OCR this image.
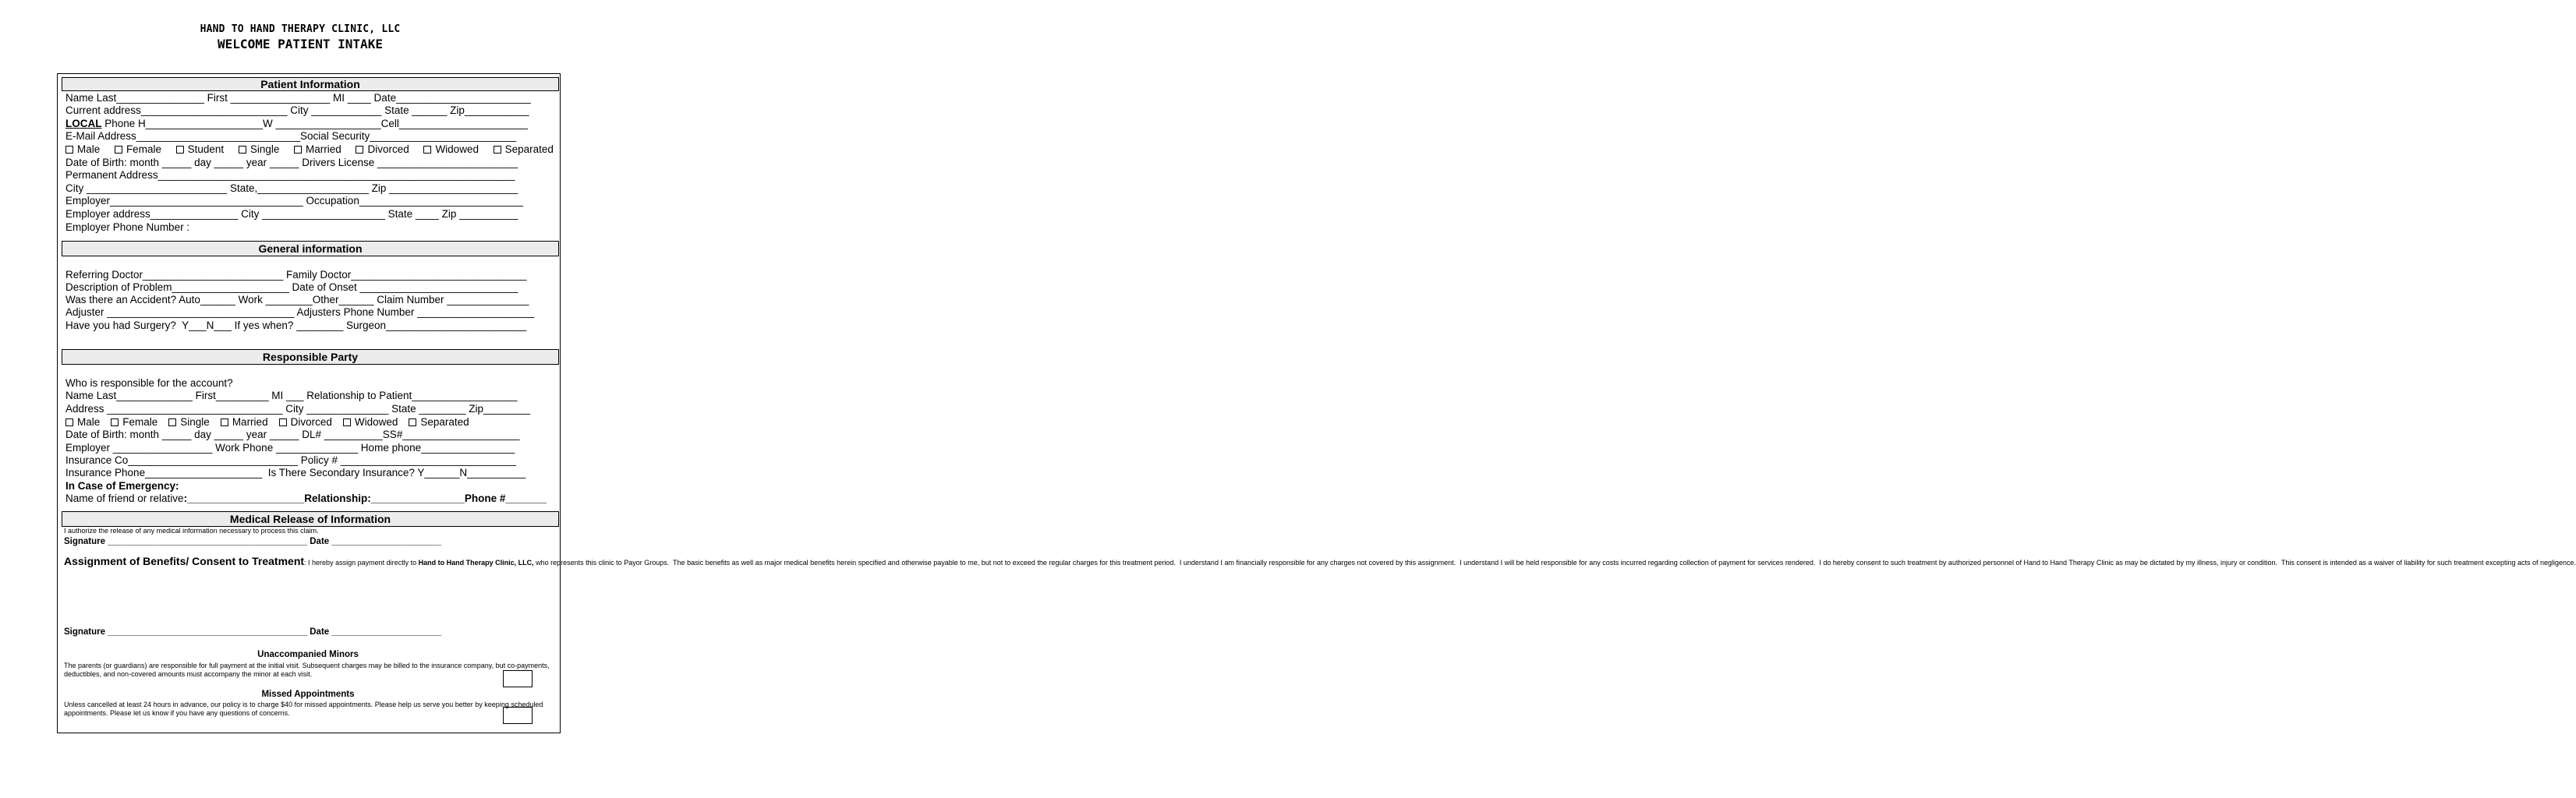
HAND TO HAND THERAPY CLINIC, LLC
WELCOME PATIENT INTAKE
Patient Information
Name Last_______________ First _________________ MI ____ Date_______________________
Current address_________________________ City ____________ State ______ Zip___________
LOCAL Phone H____________________W __________________Cell______________________
E-Mail Address____________________________Social Security_________________________
Male Female Student Single Married Divorced Widowed Separated
Date of Birth: month _____ day _____ year _____ Drivers License ________________________
Permanent Address_____________________________________________________________
City ________________________ State,___________________ Zip ______________________
Employer_________________________________ Occupation____________________________
Employer address_______________ City _____________________ State ____ Zip __________
Employer Phone Number :
General information
Referring Doctor________________________ Family Doctor______________________________
Description of Problem____________________ Date of Onset ___________________________
Was there an Accident? Auto______ Work ________Other______ Claim Number ______________
Adjuster ________________________________ Adjusters Phone Number ____________________
Have you had Surgery?  Y___N___ If yes when? ________ Surgeon________________________
Responsible Party
Who is responsible for the account?
Name Last_____________ First_________ MI ___ Relationship to Patient__________________
Address ______________________________ City ______________ State ________ Zip________
Male Female Single Married Divorced Widowed Separated
Date of Birth: month _____ day _____ year _____ DL# __________SS#____________________
Employer _________________ Work Phone ______________ Home phone________________
Insurance Co_____________________________ Policy # ______________________________
Insurance Phone____________________  Is There Secondary Insurance? Y______N__________
In Case of Emergency:
Name of friend or relative:____________________Relationship:________________Phone #_______
Medical Release of Information
I authorize the release of any medical information necessary to process this claim.
Signature ________________________________________ Date ______________________
Assignment of Benefits/ Consent to Treatment: I hereby assign payment directly to Hand to Hand Therapy Clinic, LLC, who represents this clinic to Payor Groups.  The basic benefits as well as major medical benefits herein specified and otherwise payable to me, but not to exceed the regular charges for this treatment period.  I understand I am financially responsible for any charges not covered by this assignment.  I understand I will be held responsible for any costs incurred regarding collection of payment for services rendered.  I do hereby consent to such treatment by authorized personnel of Hand to Hand Therapy Clinic as may be dictated by my illness, injury or condition.  This consent is intended as a waiver of liability for such treatment excepting acts of negligence.
Signature ________________________________________ Date ______________________
Unaccompanied Minors
The parents (or guardians) are responsible for full payment at the initial visit. Subsequent charges may be billed to the insurance company, but co-payments, deductibles, and non-covered amounts must accompany the minor at each visit.
Missed Appointments
Unless cancelled at least 24 hours in advance, our policy is to charge $40 for missed appointments. Please help us serve you better by keeping scheduled appointments. Please let us know if you have any questions of concerns.
